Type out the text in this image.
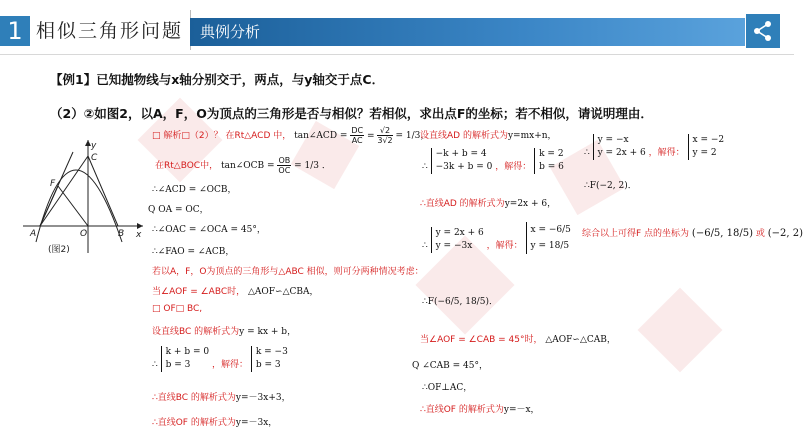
1 相似三角形问题 典例分析
【例1】已知抛物线与x轴分别交于，两点，与y轴交于点C．
（2）②如图2，以A，F，O为顶点的三角形是否与相似？若相似，求出点F的坐标；若不相似，请说明理由．
y
C
F
A	O	B x
(图2)
□ 解析□（2）？ 在Rt△ACD 中， tan∠ACD = $\frac{DC}{AC} = \frac{√2}{3√2} = 1/3$，
在Rt△BOC中， tan∠OCB = $\frac{OB}{OC} = 1/3$ ．
∴∠ACD = ∠OCB，
Q OA = OC，
∴∠OAC = ∠OCA = 45°，
∴∠FAO = ∠ACB，
若以A，F，O为顶点的三角形与△ABC 相似，则可分两种情况考虑：
当∠AOF = ∠ABC时， △AOF∽△CBA，
□ OF□ BC,
设直线BC 的解析式为y = kx + b，
∴ k + b = 0
b = 3 ，解得： k = −3
b = 3
∴直线BC 的解析式为y=－3x+3，
∴直线OF 的解析式为y=－3x，
设直线AD 的解析式为y=mx+n，
∴ −k + b = 4
−3k + b = 0 ，解得： k = 2
b = 6
∴直线AD 的解析式为y=2x + 6，
∴ y = 2x + 6
y = −3x ，解得： x = −6/5
y = 18/5
∴F(−6/5, 18/5)．
当∠AOF = ∠CAB = 45°时， △AOF∽△CAB，
Q ∠CAB = 45°，
∴OF⊥AC，
∴直线OF 的解析式为y=－x，
∴ y = −x
y = 2x + 6 ，解得： x = −2
y = 2
∴F(−2, 2)．
综合以上可得F 点的坐标为 (−6/5, 18/5) 或 (−2, 2)
